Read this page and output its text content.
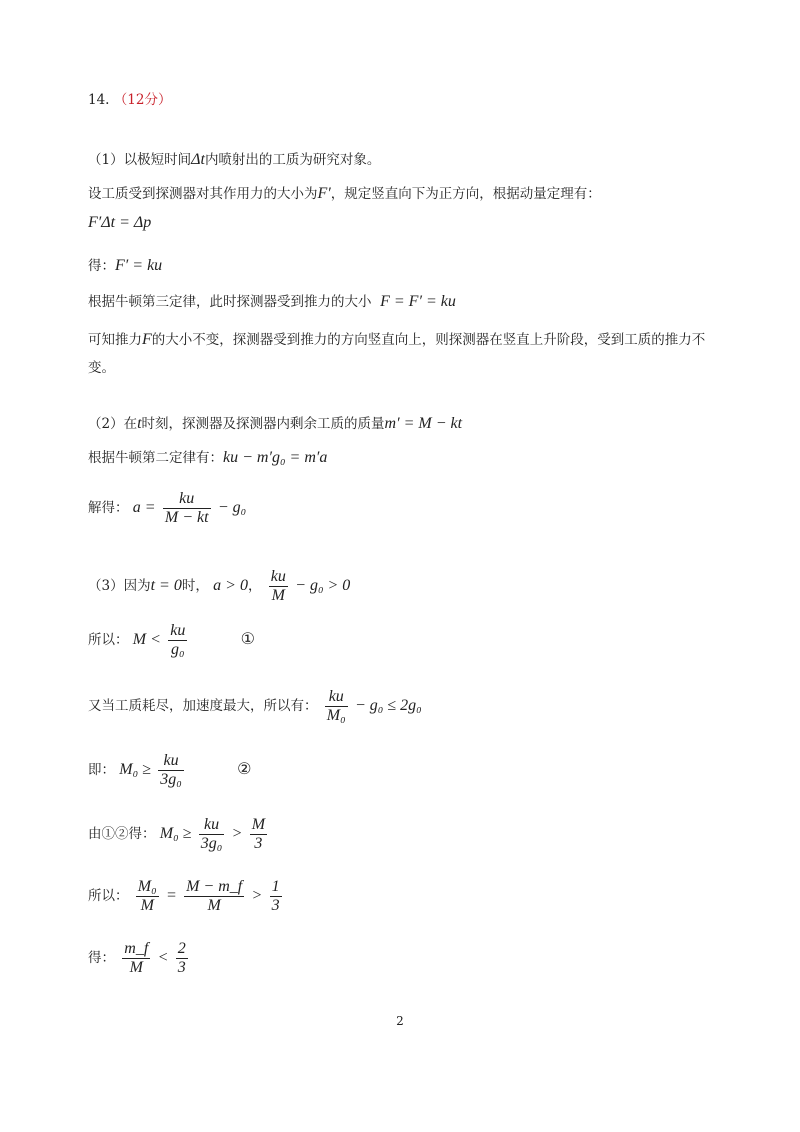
14. （12分）
（1）以极短时间Δt内喷射出的工质为研究对象。
设工质受到探测器对其作用力的大小为F′，规定竖直向下为正方向，根据动量定理有：
F′Δt = Δp
得：F′ = ku
根据牛顿第三定律，此时探测器受到推力的大小 F = F′ = ku
可知推力F的大小不变，探测器受到推力的方向竖直向上，则探测器在竖直上升阶段，受到工质的推力不
变。
（2）在t时刻，探测器及探测器内剩余工质的质量m′ = M − kt
根据牛顿第二定律有：ku − m′g₀ = m′a
解得： $a = \frac{ku}{M - kt} - g_0$
（3）因为t = 0时， a > 0， $\frac{ku}{M} - g_0 > 0$
所以： $M < \frac{ku}{\text{g₀}}$	①
又当工质耗尽，加速度最大，所以有： $\frac{ku}{\text{M₀}} - g_0 \le 2g_0$
即： $M_0 \ge \frac{ku}{\text{3g₀}}$	②
由①②得： $M_0 \ge \frac{ku}{\text{3g₀}} > \frac{M}{3}$
所以： $\frac{\text{M₀}}{M} = \frac{M - m\_f}{M} > \frac{1}{3}$
得： $\frac{m\_f}{M} < \frac{2}{3}$
2
